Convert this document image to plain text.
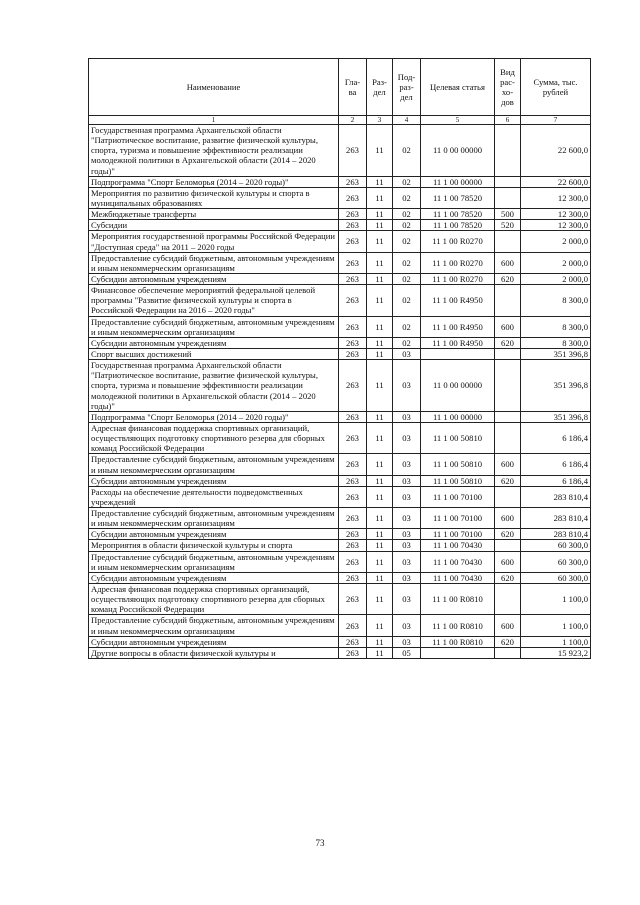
Наименование	Гла-ва	Раз-дел	Под-раз-дел	Целевая статья	Вид рас-хо-дов	Сумма, тыс. рублей
1	2	3	4	5	6	7
Государственная программа Архангельской области "Патриотическое воспитание, развитие физической культуры, спорта, туризма и повышение эффективности реализации молодежной политики в Архангельской области (2014 – 2020 годы)"	263	11	02	11 0 00 00000		22 600,0
Подпрограмма "Спорт Беломорья (2014 – 2020 годы)"	263	11	02	11 1 00 00000		22 600,0
Мероприятия по развитию физической культуры и спорта в муниципальных образованиях	263	11	02	11 1 00 78520		12 300,0
Межбюджетные трансферты	263	11	02	11 1 00 78520	500	12 300,0
Субсидии	263	11	02	11 1 00 78520	520	12 300,0
Мероприятия государственной программы Российской Федерации "Доступная среда" на 2011 – 2020 годы	263	11	02	11 1 00 R0270		2 000,0
Предоставление субсидий бюджетным, автономным учреждениям и иным некоммерческим организациям	263	11	02	11 1 00 R0270	600	2 000,0
Субсидии автономным учреждениям	263	11	02	11 1 00 R0270	620	2 000,0
Финансовое обеспечение мероприятий федеральной целевой программы "Развитие физической культуры и спорта в Российской Федерации на 2016 – 2020 годы"	263	11	02	11 1 00 R4950		8 300,0
Предоставление субсидий бюджетным, автономным учреждениям и иным некоммерческим организациям	263	11	02	11 1 00 R4950	600	8 300,0
Субсидии автономным учреждениям	263	11	02	11 1 00 R4950	620	8 300,0
Спорт высших достижений	263	11	03			351 396,8
Государственная программа Архангельской области "Патриотическое воспитание, развитие физической культуры, спорта, туризма и повышение эффективности реализации молодежной политики в Архангельской области (2014 – 2020 годы)"	263	11	03	11 0 00 00000		351 396,8
Подпрограмма "Спорт Беломорья (2014 – 2020 годы)"	263	11	03	11 1 00 00000		351 396,8
Адресная финансовая поддержка спортивных организаций, осуществляющих подготовку спортивного резерва для сборных команд Российской Федерации	263	11	03	11 1 00 50810		6 186,4
Предоставление субсидий бюджетным, автономным учреждениям и иным некоммерческим организациям	263	11	03	11 1 00 50810	600	6 186,4
Субсидии автономным учреждениям	263	11	03	11 1 00 50810	620	6 186,4
Расходы на обеспечение деятельности подведомственных учреждений	263	11	03	11 1 00 70100		283 810,4
Предоставление субсидий бюджетным, автономным учреждениям и иным некоммерческим организациям	263	11	03	11 1 00 70100	600	283 810,4
Субсидии автономным учреждениям	263	11	03	11 1 00 70100	620	283 810,4
Мероприятия в области физической культуры и спорта	263	11	03	11 1 00 70430		60 300,0
Предоставление субсидий бюджетным, автономным учреждениям и иным некоммерческим организациям	263	11	03	11 1 00 70430	600	60 300,0
Субсидии автономным учреждениям	263	11	03	11 1 00 70430	620	60 300,0
Адресная финансовая поддержка спортивных организаций, осуществляющих подготовку спортивного резерва для сборных команд Российской Федерации	263	11	03	11 1 00 R0810		1 100,0
Предоставление субсидий бюджетным, автономным учреждениям и иным некоммерческим организациям	263	11	03	11 1 00 R0810	600	1 100,0
Субсидии автономным учреждениям	263	11	03	11 1 00 R0810	620	1 100,0
Другие вопросы в области физической культуры и	263	11	05			15 923,2
73
